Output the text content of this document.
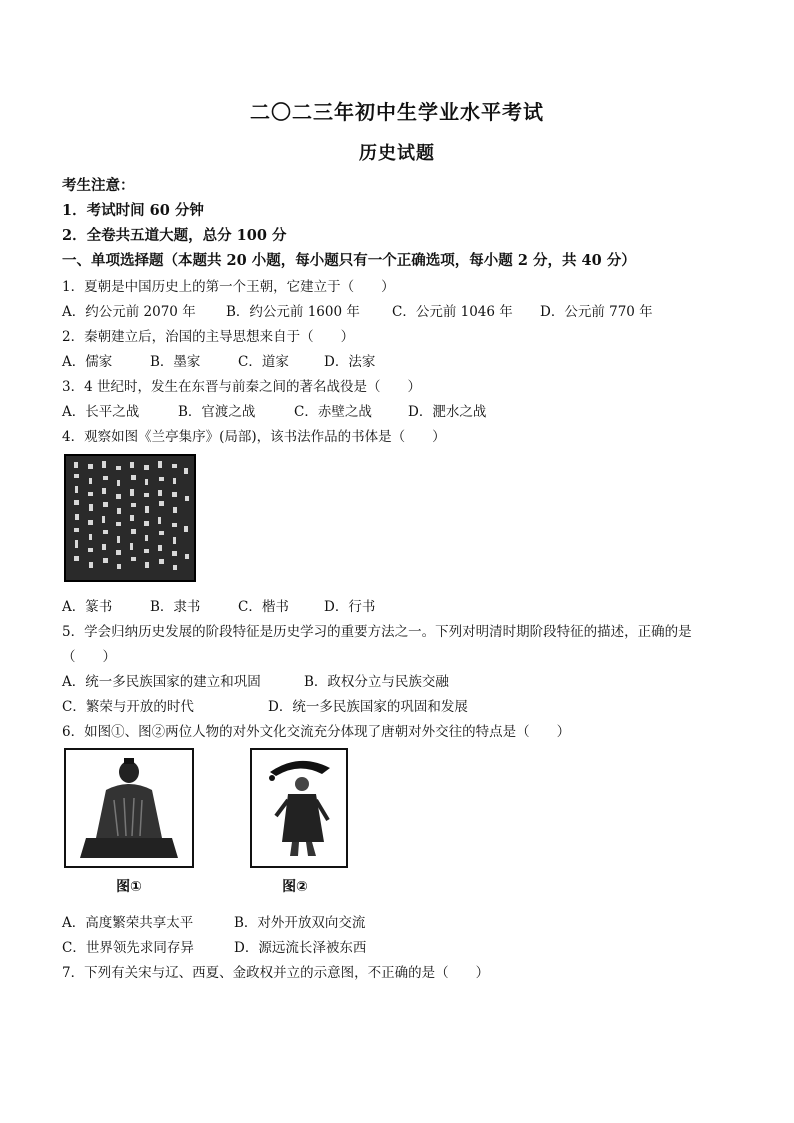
二〇二三年初中生学业水平考试
历史试题
考生注意：
1．考试时间 60 分钟
2．全卷共五道大题，总分 100 分
一、单项选择题（本题共 20 小题，每小题只有一个正确选项，每小题 2 分，共 40 分）
1．夏朝是中国历史上的第一个王朝，它建立于（　　）
A．约公元前 2070 年 B．约公元前 1600 年 C．公元前 1046 年 D．公元前 770 年
2．秦朝建立后，治国的主导思想来自于（　　）
A．儒家	B．墨家	C．道家	D．法家
3．4 世纪时，发生在东晋与前秦之间的著名战役是（　　）
A．长平之战	B．官渡之战	C．赤壁之战	D．淝水之战
4．观察如图《兰亭集序》(局部)，该书法作品的书体是（　　）
A．篆书	B．隶书	C．楷书	D．行书
5．学会归纳历史发展的阶段特征是历史学习的重要方法之一。下列对明清时期阶段特征的描述，正确的是
（　　）
A．统一多民族国家的建立和巩固	B．政权分立与民族交融
C．繁荣与开放的时代	D．统一多民族国家的巩固和发展
6．如图①、图②两位人物的对外文化交流充分体现了唐朝对外交往的特点是（　　）
图①	图②
A．高度繁荣共享太平	B．对外开放双向交流
C．世界领先求同存异	D．源远流长泽被东西
7．下列有关宋与辽、西夏、金政权并立的示意图，不正确的是（　　）
